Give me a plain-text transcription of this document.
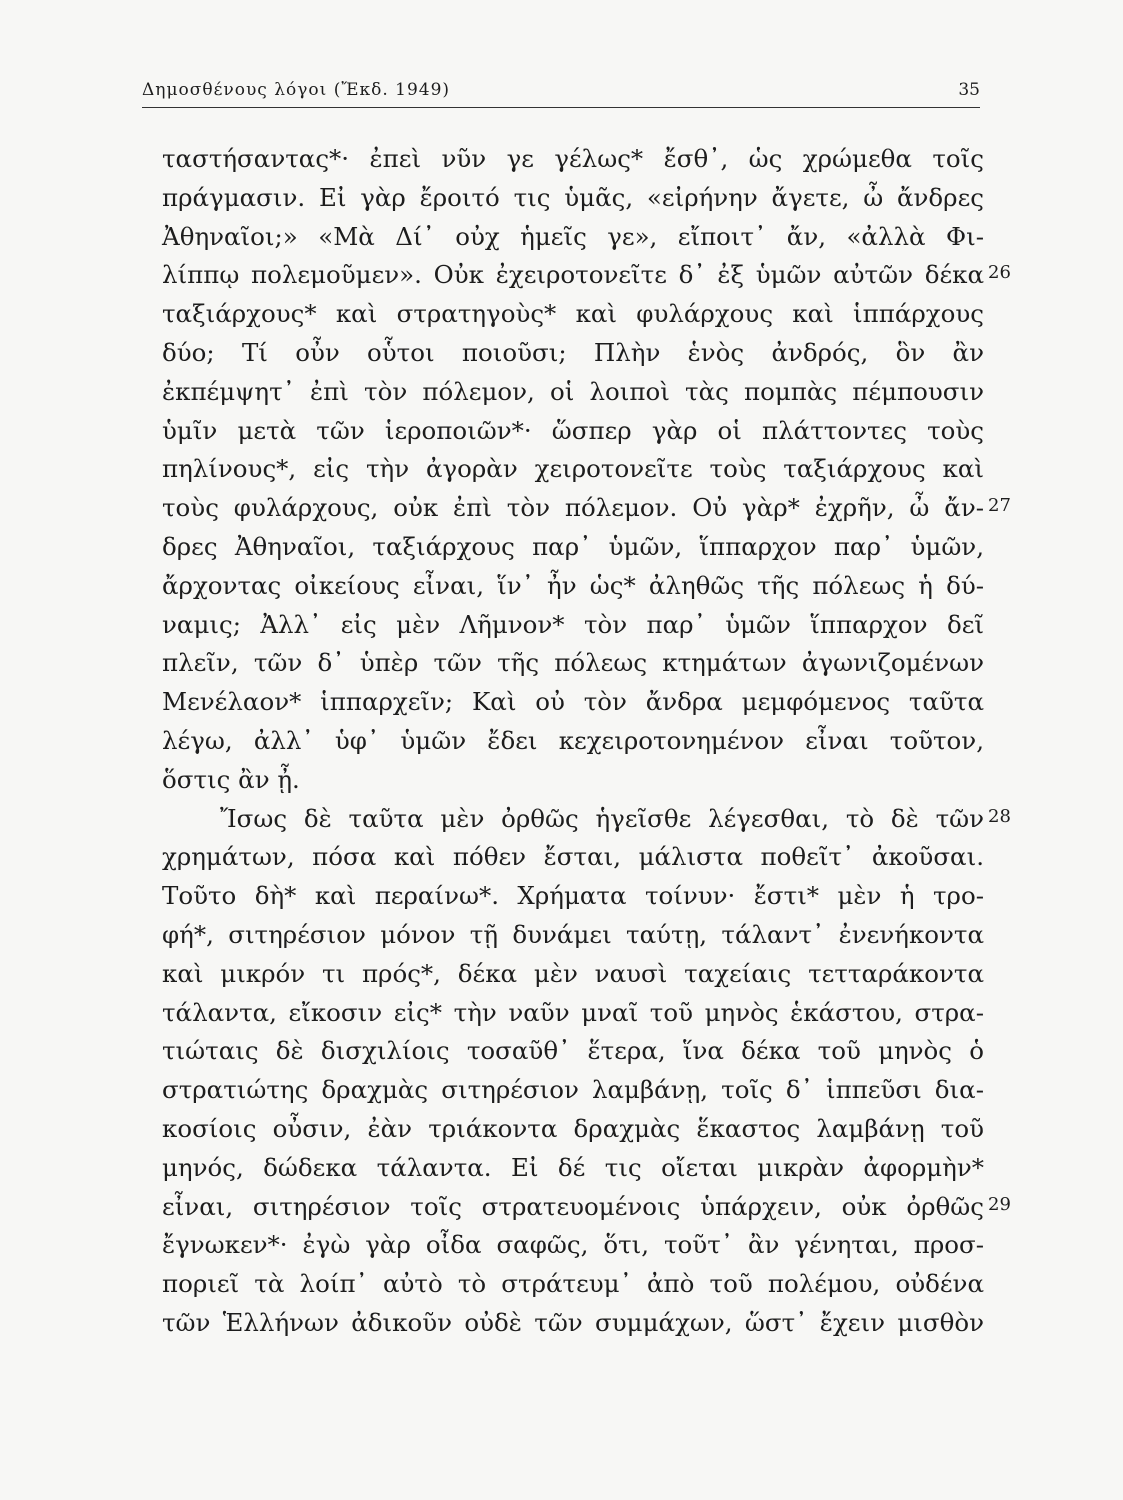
Δημοσθένους λόγοι (Ἔκδ. 1949)	35
ταστήσαντας*· ἐπεὶ νῦν γε γέλως* ἔσθ᾽, ὡς χρώμεθα τοῖς
πράγμασιν. Εἰ γὰρ ἔροιτό τις ὑμᾶς, «εἰρήνην ἄγετε, ὦ ἄνδρες
Ἀθηναῖοι;» «Μὰ Δί᾽ οὐχ ἡμεῖς γε», εἴποιτ᾽ ἄν, «ἀλλὰ Φι-
λίππῳ πολεμοῦμεν». Οὐκ ἐχειροτονεῖτε δ᾽ ἐξ ὑμῶν αὐτῶν δέκα 26
ταξιάρχους* καὶ στρατηγοὺς* καὶ φυλάρχους καὶ ἱππάρχους
δύο; Τί οὖν οὗτοι ποιοῦσι; Πλὴν ἑνὸς ἀνδρός, ὃν ἂν
ἐκπέμψητ᾽ ἐπὶ τὸν πόλεμον, οἱ λοιποὶ τὰς πομπὰς πέμπουσιν
ὑμῖν μετὰ τῶν ἱεροποιῶν*· ὥσπερ γὰρ οἱ πλάττοντες τοὺς
πηλίνους*, εἰς τὴν ἀγορὰν χειροτονεῖτε τοὺς ταξιάρχους καὶ
τοὺς φυλάρχους, οὐκ ἐπὶ τὸν πόλεμον. Οὐ γὰρ* ἐχρῆν, ὦ ἄν- 27
δρες Ἀθηναῖοι, ταξιάρχους παρ᾽ ὑμῶν, ἵππαρχον παρ᾽ ὑμῶν,
ἄρχοντας οἰκείους εἶναι, ἵν᾽ ἦν ὡς* ἀληθῶς τῆς πόλεως ἡ δύ-
ναμις; Ἀλλ᾽ εἰς μὲν Λῆμνον* τὸν παρ᾽ ὑμῶν ἵππαρχον δεῖ
πλεῖν, τῶν δ᾽ ὑπὲρ τῶν τῆς πόλεως κτημάτων ἀγωνιζομένων
Μενέλαον* ἱππαρχεῖν; Καὶ οὐ τὸν ἄνδρα μεμφόμενος ταῦτα
λέγω, ἀλλ᾽ ὑφ᾽ ὑμῶν ἔδει κεχειροτονημένον εἶναι τοῦτον,
ὅστις ἂν ᾖ.
Ἴσως δὲ ταῦτα μὲν ὀρθῶς ἡγεῖσθε λέγεσθαι, τὸ δὲ τῶν 28
χρημάτων, πόσα καὶ πόθεν ἔσται, μάλιστα ποθεῖτ᾽ ἀκοῦσαι.
Τοῦτο δὴ* καὶ περαίνω*. Χρήματα τοίνυν· ἔστι* μὲν ἡ τρο-
φή*, σιτηρέσιον μόνον τῇ δυνάμει ταύτῃ, τάλαντ᾽ ἐνενήκοντα
καὶ μικρόν τι πρός*, δέκα μὲν ναυσὶ ταχείαις τετταράκοντα
τάλαντα, εἴκοσιν εἰς* τὴν ναῦν μναῖ τοῦ μηνὸς ἑκάστου, στρα-
τιώταις δὲ δισχιλίοις τοσαῦθ᾽ ἕτερα, ἵνα δέκα τοῦ μηνὸς ὁ
στρατιώτης δραχμὰς σιτηρέσιον λαμβάνῃ, τοῖς δ᾽ ἱππεῦσι δια-
κοσίοις οὖσιν, ἐὰν τριάκοντα δραχμὰς ἕκαστος λαμβάνῃ τοῦ
μηνός, δώδεκα τάλαντα. Εἰ δέ τις οἴεται μικρὰν ἀφορμὴν*
εἶναι, σιτηρέσιον τοῖς στρατευομένοις ὑπάρχειν, οὐκ ὀρθῶς 29
ἔγνωκεν*· ἐγὼ γὰρ οἶδα σαφῶς, ὅτι, τοῦτ᾽ ἂν γένηται, προσ-
ποριεῖ τὰ λοίπ᾽ αὐτὸ τὸ στράτευμ᾽ ἀπὸ τοῦ πολέμου, οὐδένα
τῶν Ἑλλήνων ἀδικοῦν οὐδὲ τῶν συμμάχων, ὥστ᾽ ἔχειν μισθὸν
